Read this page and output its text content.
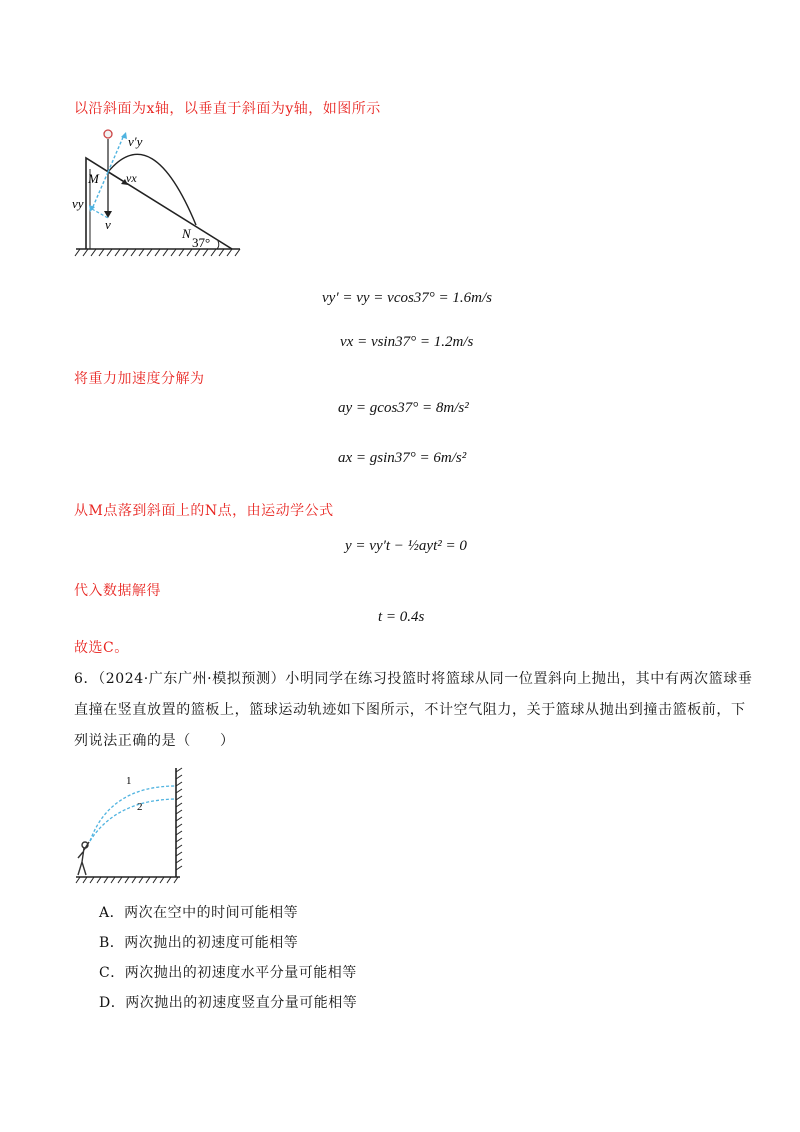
以沿斜面为x轴，以垂直于斜面为y轴，如图所示
v′y
vx
vy
v
M
N
37°
vy′ = vy = vcos37° = 1.6m/s
vx = vsin37° = 1.2m/s
将重力加速度分解为
ay = gcos37° = 8m/s²
ax = gsin37° = 6m/s²
从M点落到斜面上的N点，由运动学公式
y = vy′t − ½ayt² = 0
代入数据解得
t = 0.4s
故选C。
6．（2024·广东广州·模拟预测）小明同学在练习投篮时将篮球从同一位置斜向上抛出，其中有两次篮球垂直撞在竖直放置的篮板上，篮球运动轨迹如下图所示，不计空气阻力，关于篮球从抛出到撞击篮板前，下列说法正确的是（　　）
1
2
A．两次在空中的时间可能相等
B．两次抛出的初速度可能相等
C．两次抛出的初速度水平分量可能相等
D．两次抛出的初速度竖直分量可能相等
